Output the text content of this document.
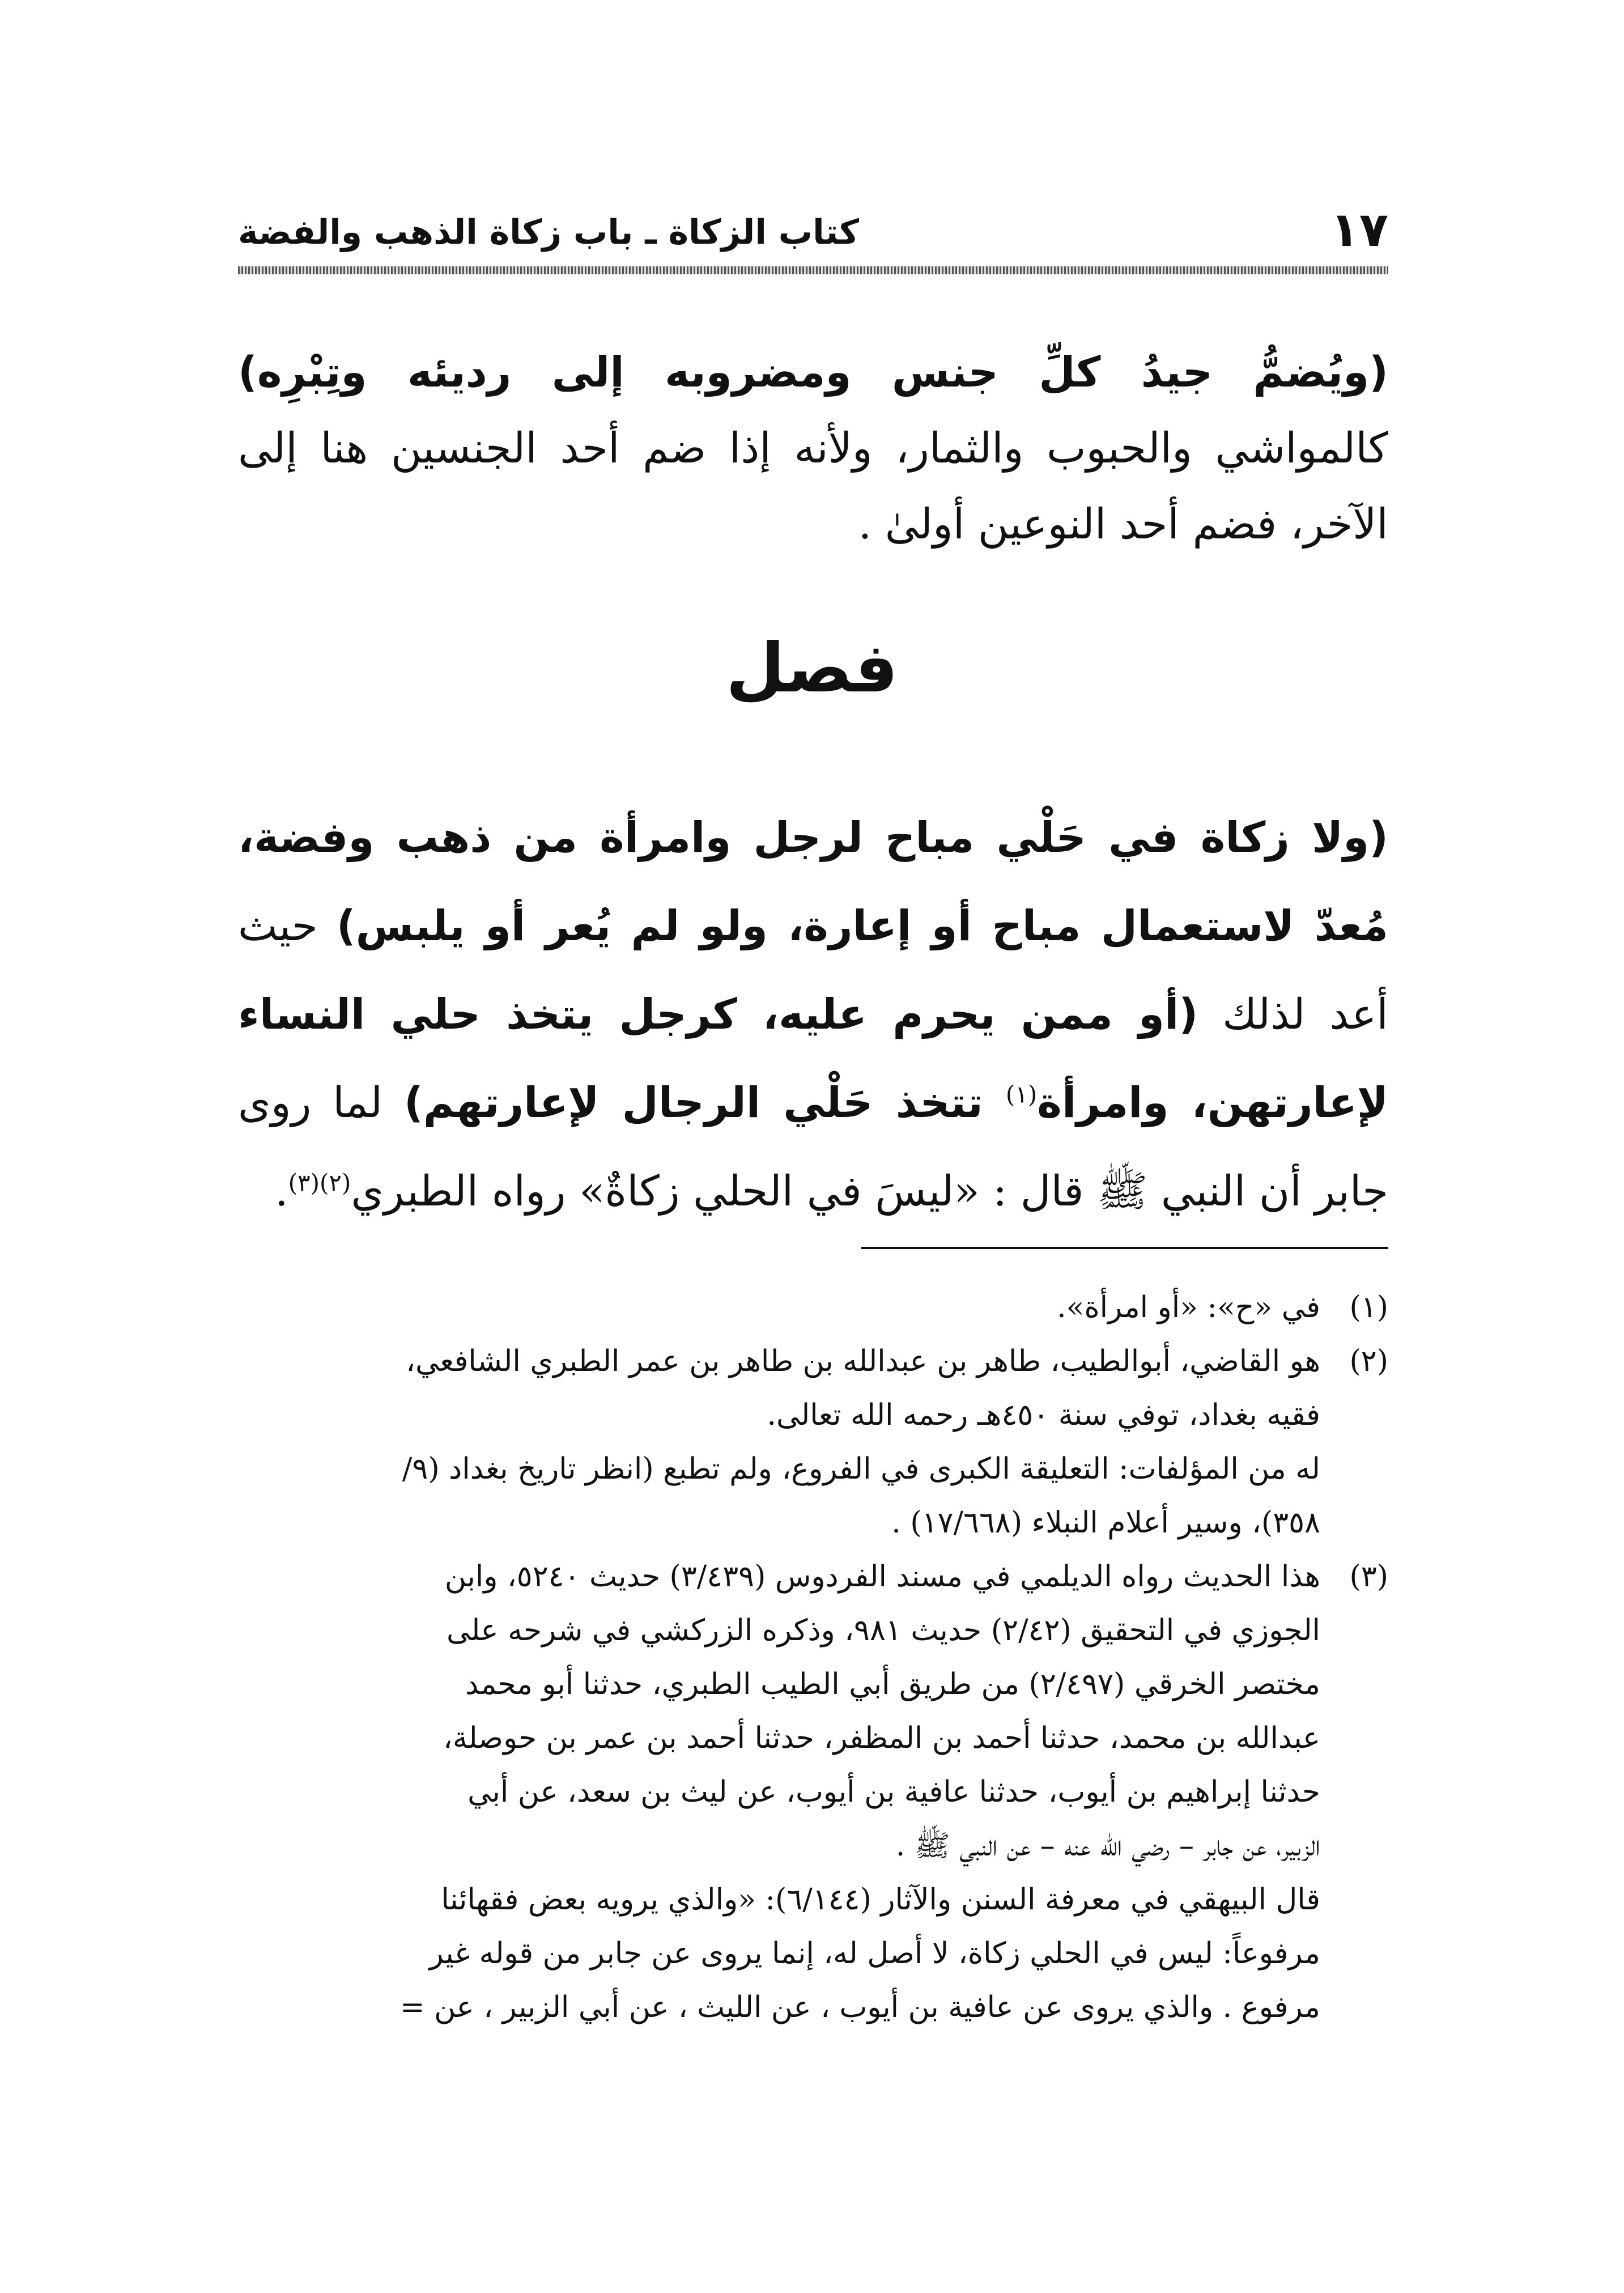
١٧
كتاب الزكاة ـ باب زكاة الذهب والفضة
(ويُضمُّ جيدُ كلِّ جنس ومضروبه إلى رديئه وتِبْرِه) كالمواشي والحبوب والثمار، ولأنه إذا ضم أحد الجنسين هنا إلى الآخر، فضم أحد النوعين أولىٰ .
فصل
(ولا زكاة في حَلْي مباح لرجل وامرأة من ذهب وفضة، مُعدّ لاستعمال مباح أو إعارة، ولو لم يُعر أو يلبس) حيث أعد لذلك (أو ممن يحرم عليه، كرجل يتخذ حلي النساء لإعارتهن، وامرأة$^{(١)}$ تتخذ حَلْي الرجال لإعارتهم) لما روى جابر أن النبي ﷺ قال : «ليسَ في الحلي زكاةٌ» رواه الطبري$^{(٢)(٣)}$.
(١)
في «ح»: «أو امرأة».
(٢)
هو القاضي، أبوالطيب، طاهر بن عبدالله بن طاهر بن عمر الطبري الشافعي،
فقيه بغداد، توفي سنة ٤٥٠هـ رحمه الله تعالى.
له من المؤلفات: التعليقة الكبرى في الفروع، ولم تطبع (انظر تاريخ بغداد (٩/
٣٥٨)، وسير أعلام النبلاء (١٧/٦٦٨) .
(٣)
هذا الحديث رواه الديلمي في مسند الفردوس (٣/٤٣٩) حديث ٥٢٤٠، وابن
الجوزي في التحقيق (٢/٤٢) حديث ٩٨١، وذكره الزركشي في شرحه على
مختصر الخرقي (٢/٤٩٧) من طريق أبي الطيب الطبري، حدثنا أبو محمد
عبدالله بن محمد، حدثنا أحمد بن المظفر، حدثنا أحمد بن عمر بن حوصلة،
حدثنا إبراهيم بن أيوب، حدثنا عافية بن أيوب، عن ليث بن سعد، عن أبي
الزبير، عن جابر – رضي الله عنه – عن النبي ﷺ .
قال البيهقي في معرفة السنن والآثار (٦/١٤٤): «والذي يرويه بعض فقهائنا
مرفوعاً: ليس في الحلي زكاة، لا أصل له، إنما يروى عن جابر من قوله غير
مرفوع . والذي يروى عن عافية بن أيوب ، عن الليث ، عن أبي الزبير ، عن =
